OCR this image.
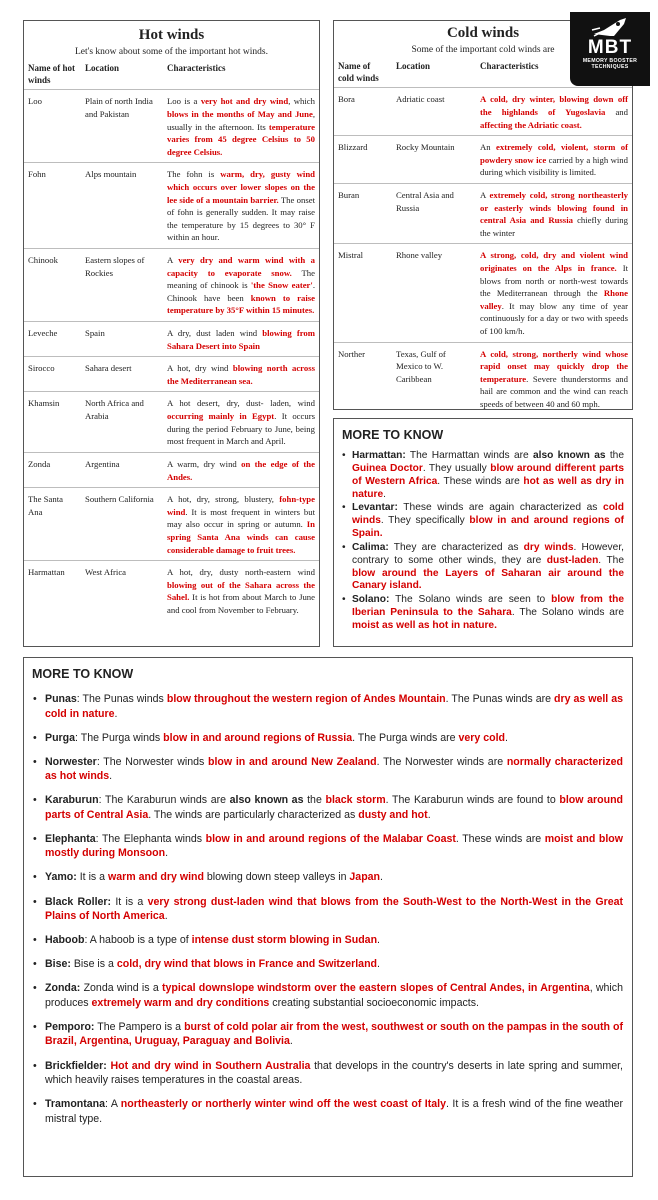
Hot winds
Let's know about some of the important hot winds.
Name of hot winds	Location	Characteristics
Loo	Plain of north India and Pakistan	Loo is a very hot and dry wind, which blows in the months of May and June, usually in the afternoon. Its temperature varies from 45 degree Celsius to 50 degree Celsius.
Fohn	Alps mountain	The fohn is warm, dry, gusty wind which occurs over lower slopes on the lee side of a mountain barrier. The onset of fohn is generally sudden. It may raise the temperature by 15 degrees to 30° F within an hour.
Chinook	Eastern slopes of Rockies	A very dry and warm wind with a capacity to evaporate snow. The meaning of chinook is 'the Snow eater'. Chinook have been known to raise temperature by 35°F within 15 minutes.
Leveche	Spain	A dry, dust laden wind blowing from Sahara Desert into Spain
Sirocco	Sahara desert	A hot, dry wind blowing north across the Mediterranean sea.
Khamsin	North Africa and Arabia	A hot desert, dry, dust- laden, wind occurring mainly in Egypt. It occurs during the period February to June, being most frequent in March and April.
Zonda	Argentina	A warm, dry wind on the edge of the Andes.
The Santa Ana	Southern California	A hot, dry, strong, blustery, fohn-type wind. It is most frequent in winters but may also occur in spring or autumn. In spring Santa Ana winds can cause considerable damage to fruit trees.
Harmattan	West Africa	A hot, dry, dusty north-eastern wind blowing out of the Sahara across the Sahel. It is hot from about March to June and cool from November to February.
Cold winds
Some of the important cold winds are
Name of cold winds	Location	Characteristics
Bora	Adriatic coast	A cold, dry winter, blowing down off the highlands of Yugoslavia and affecting the Adriatic coast.
Blizzard	Rocky Mountain	An extremely cold, violent, storm of powdery snow ice carried by a high wind during which visibility is limited.
Buran	Central Asia and Russia	A extremely cold, strong northeasterly or easterly winds blowing found in central Asia and Russia chiefly during the winter
Mistral	Rhone valley	A strong, cold, dry and violent wind originates on the Alps in france. It blows from north or north-west towards the Mediterranean through the Rhone valley. It may blow any time of year continuously for a day or two with speeds of 100 km/h.
Norther	Texas, Gulf of Mexico to W. Caribbean	A cold, strong, northerly wind whose rapid onset may quickly drop the temperature. Severe thunderstorms and hail are common and the wind can reach speeds of between 40 and 60 mph.
MBT
MEMORY BOOSTER
TECHNIQUES
MORE TO KNOW
• Harmattan: The Harmattan winds are also known as the Guinea Doctor. They usually blow around different parts of Western Africa. These winds are hot as well as dry in nature.
• Levantar: These winds are again characterized as cold winds. They specifically blow in and around regions of Spain.
• Calima: They are characterized as dry winds. However, contrary to some other winds, they are dust-laden. The blow around the Layers of Saharan air around the Canary island.
• Solano: The Solano winds are seen to blow from the Iberian Peninsula to the Sahara. The Solano winds are moist as well as hot in nature.
MORE TO KNOW
• Punas: The Punas winds blow throughout the western region of Andes Mountain. The Punas winds are dry as well as cold in nature.
• Purga: The Purga winds blow in and around regions of Russia. The Purga winds are very cold.
• Norwester: The Norwester winds blow in and around New Zealand. The Norwester winds are normally characterized as hot winds.
• Karaburun: The Karaburun winds are also known as the black storm. The Karaburun winds are found to blow around parts of Central Asia. The winds are particularly characterized as dusty and hot.
• Elephanta: The Elephanta winds blow in and around regions of the Malabar Coast. These winds are moist and blow mostly during Monsoon.
• Yamo: It is a warm and dry wind blowing down steep valleys in Japan.
• Black Roller: It is a very strong dust-laden wind that blows from the South-West to the North-West in the Great Plains of North America.
• Haboob: A haboob is a type of intense dust storm blowing in Sudan.
• Bise: Bise is a cold, dry wind that blows in France and Switzerland.
• Zonda: Zonda wind is a typical downslope windstorm over the eastern slopes of Central Andes, in Argentina, which produces extremely warm and dry conditions creating substantial socioeconomic impacts.
• Pemporo: The Pampero is a burst of cold polar air from the west, southwest or south on the pampas in the south of Brazil, Argentina, Uruguay, Paraguay and Bolivia.
• Brickfielder: Hot and dry wind in Southern Australia that develops in the country's deserts in late spring and summer, which heavily raises temperatures in the coastal areas.
• Tramontana: A northeasterly or northerly winter wind off the west coast of Italy. It is a fresh wind of the fine weather mistral type.
